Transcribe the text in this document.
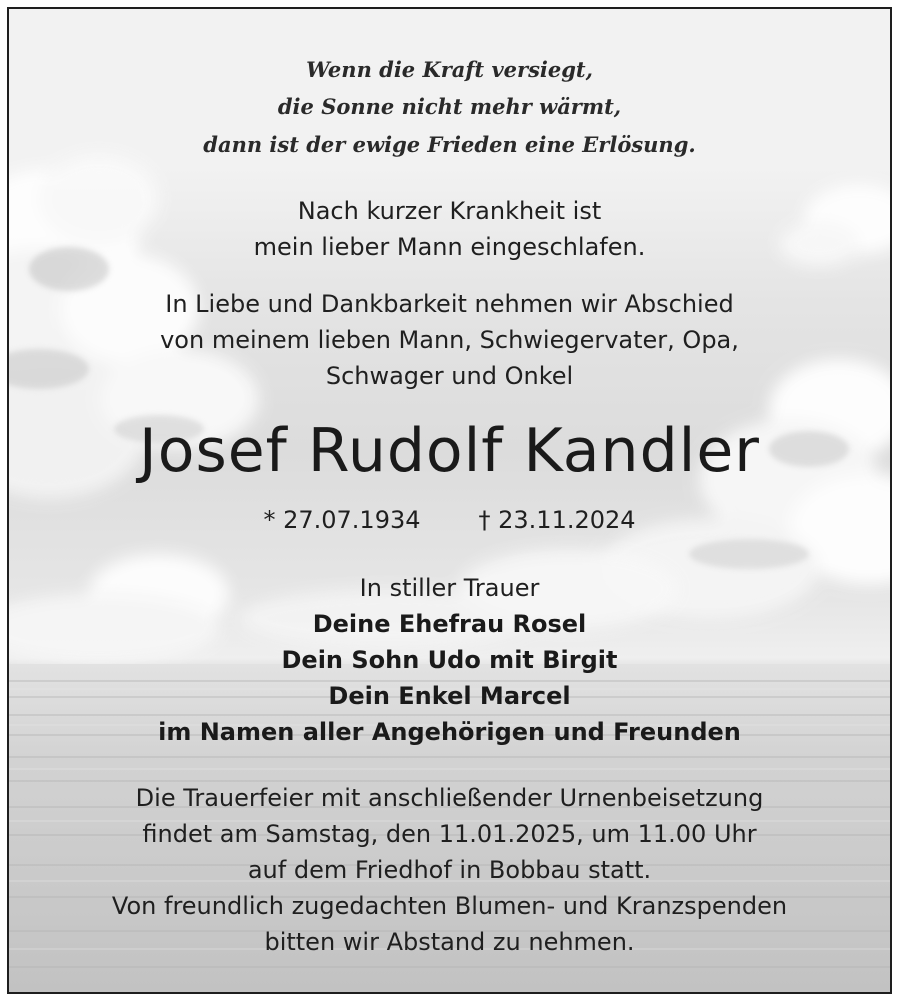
Wenn die Kraft versiegt,
die Sonne nicht mehr wärmt,
dann ist der ewige Frieden eine Erlösung.
Nach kurzer Krankheit ist
mein lieber Mann eingeschlafen.
In Liebe und Dankbarkeit nehmen wir Abschied
von meinem lieben Mann, Schwiegervater, Opa,
Schwager und Onkel
Josef Rudolf Kandler
* 27.07.1934 † 23.11.2024
In stiller Trauer
Deine Ehefrau Rosel
Dein Sohn Udo mit Birgit
Dein Enkel Marcel
im Namen aller Angehörigen und Freunden
Die Trauerfeier mit anschließender Urnenbeisetzung
findet am Samstag, den 11.01.2025, um 11.00 Uhr
auf dem Friedhof in Bobbau statt.
Von freundlich zugedachten Blumen- und Kranzspenden
bitten wir Abstand zu nehmen.
